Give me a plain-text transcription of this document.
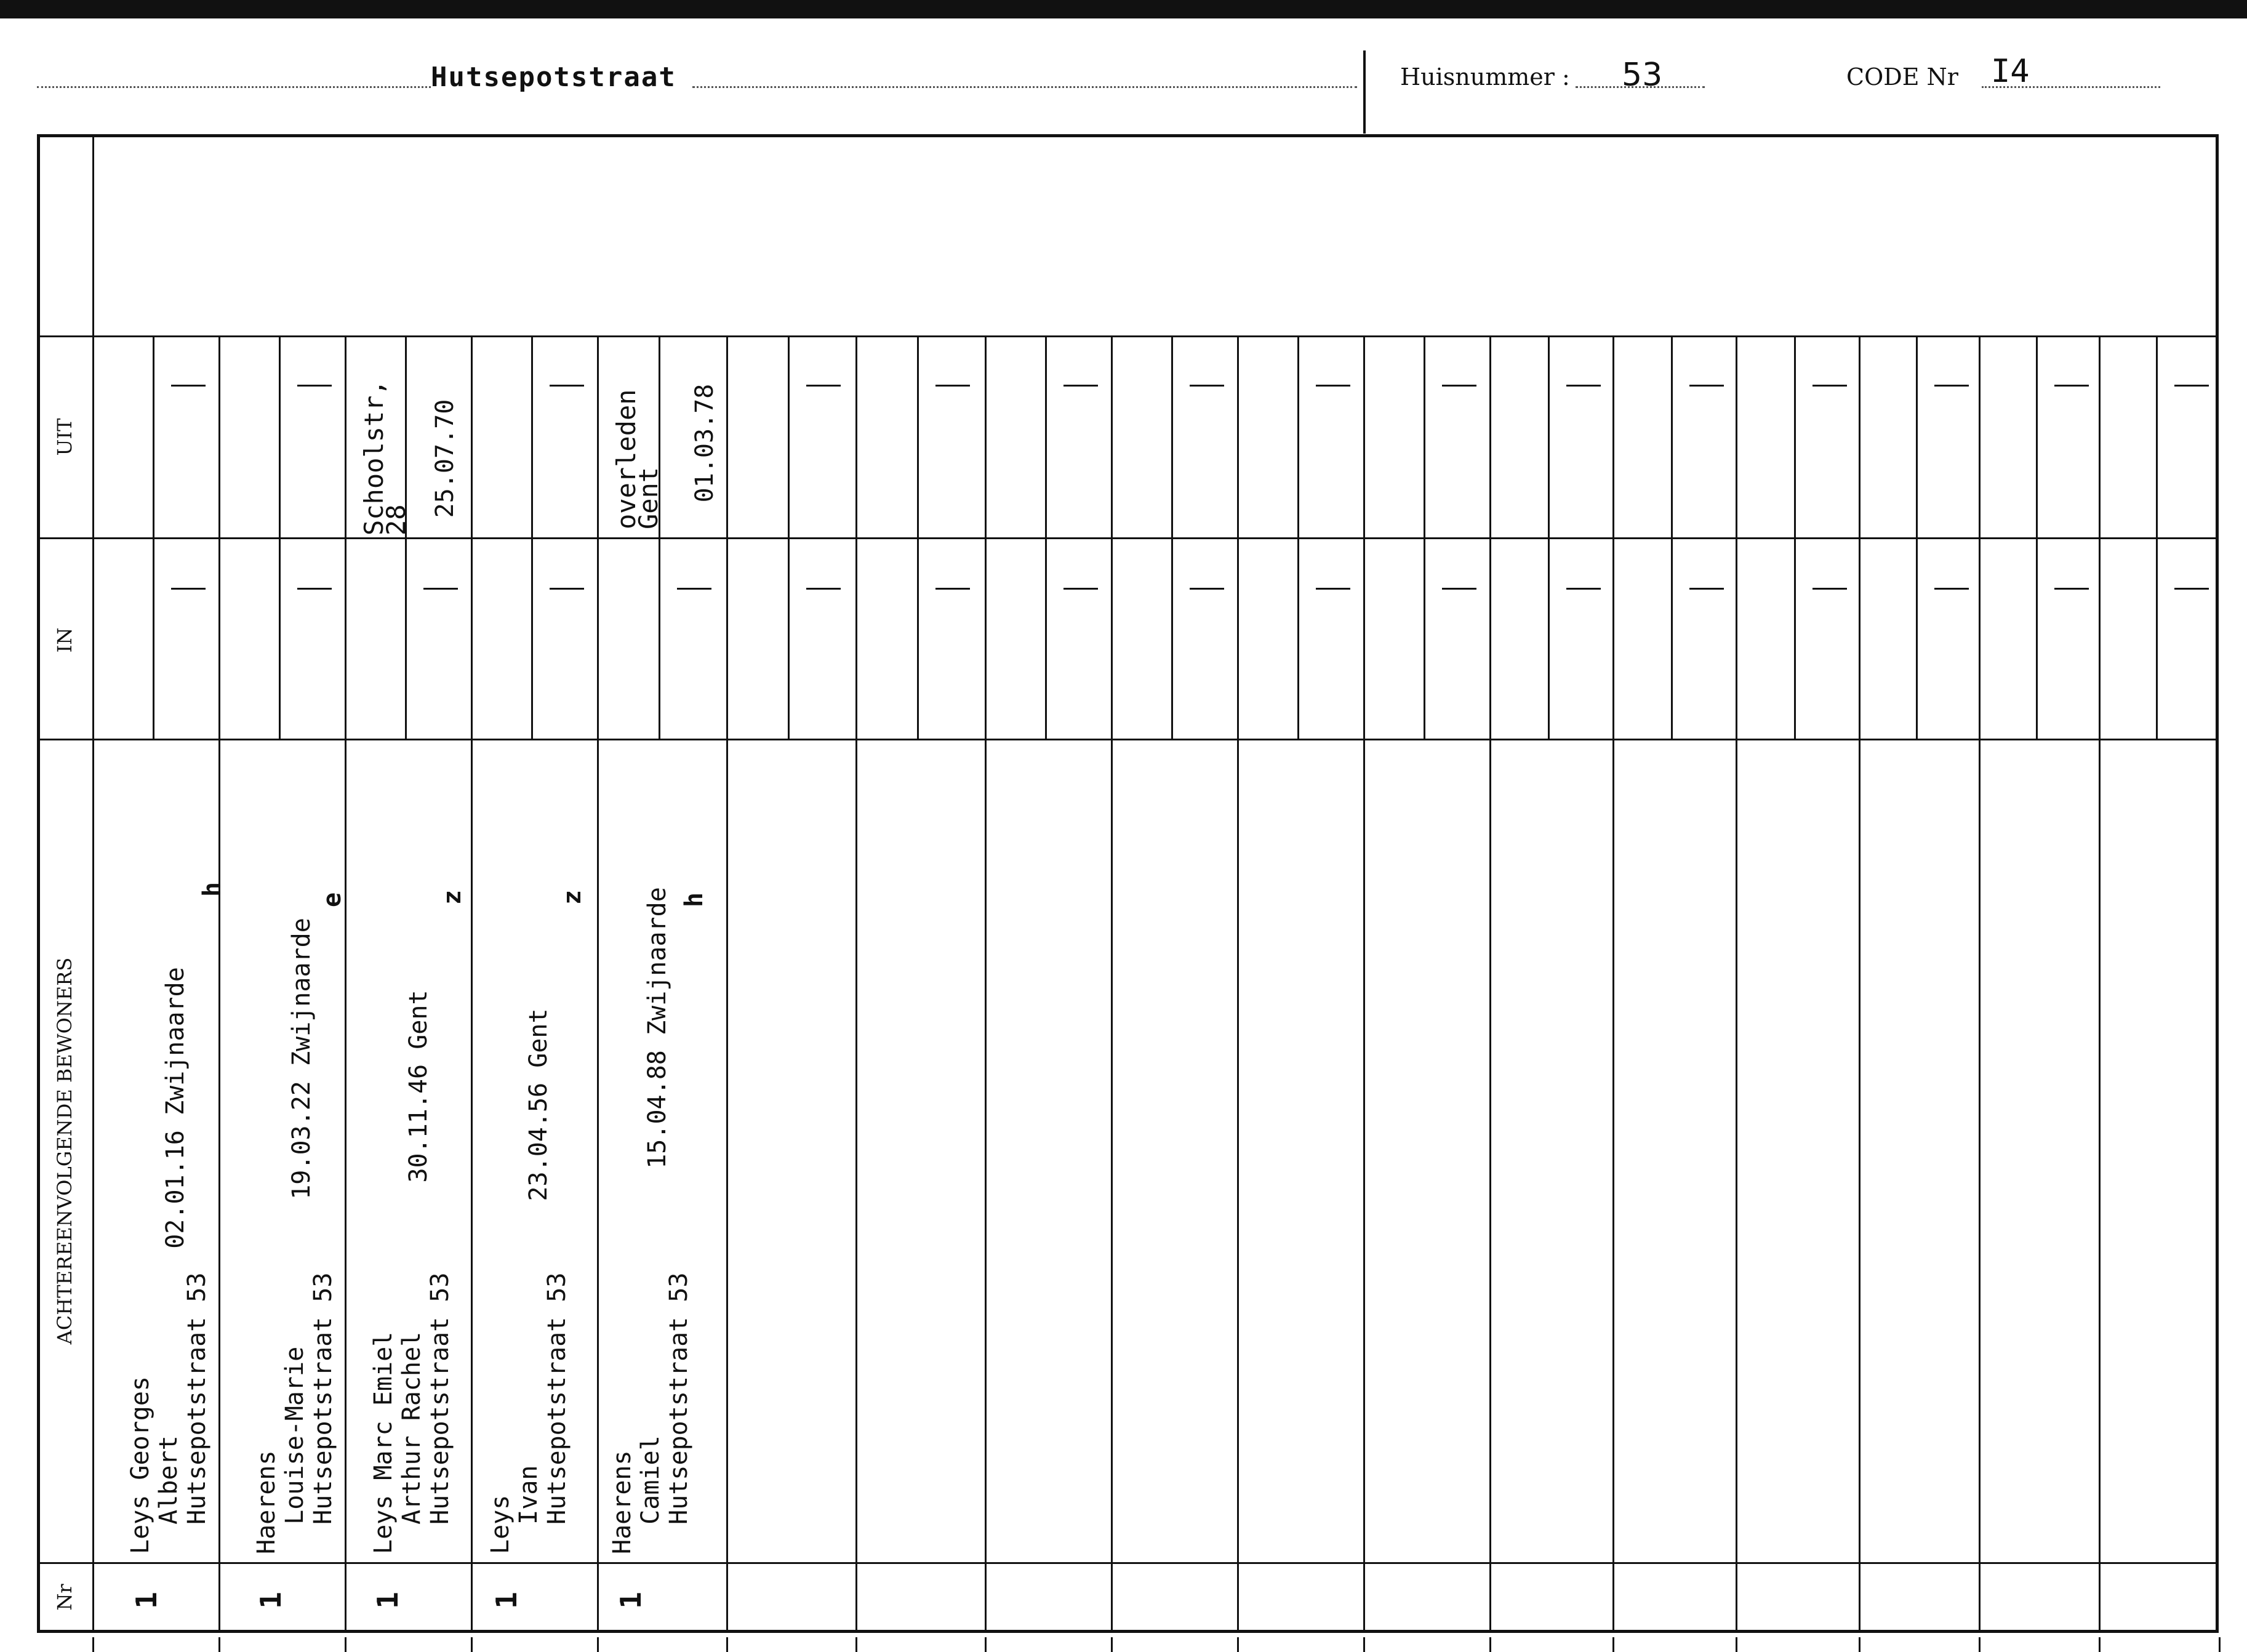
Hutsepotstraat	Huisnummer : 53	CODE Nr I4
UIT
IN
ACHTEREENVOLGENDE BEWONERS
Nr
Leys Georges
Albert
Hutsepotstraat 53
02.01.16 Zwijnaarde
h
1
Haerens
Louise-Marie
Hutsepotstraat 53
19.03.22 Zwijnaarde
e
1
Leys Marc Emiel
Arthur Rachel
Hutsepotstraat 53
30.11.46 Gent
z
1
Schoolstr,
28
25.07.70
Leys
Ivan
Hutsepotstraat 53
23.04.56 Gent
z
1
Haerens
Camiel
Hutsepotstraat 53
15.04.88 Zwijnaarde h
1
overleden
Gent 01.03.78
